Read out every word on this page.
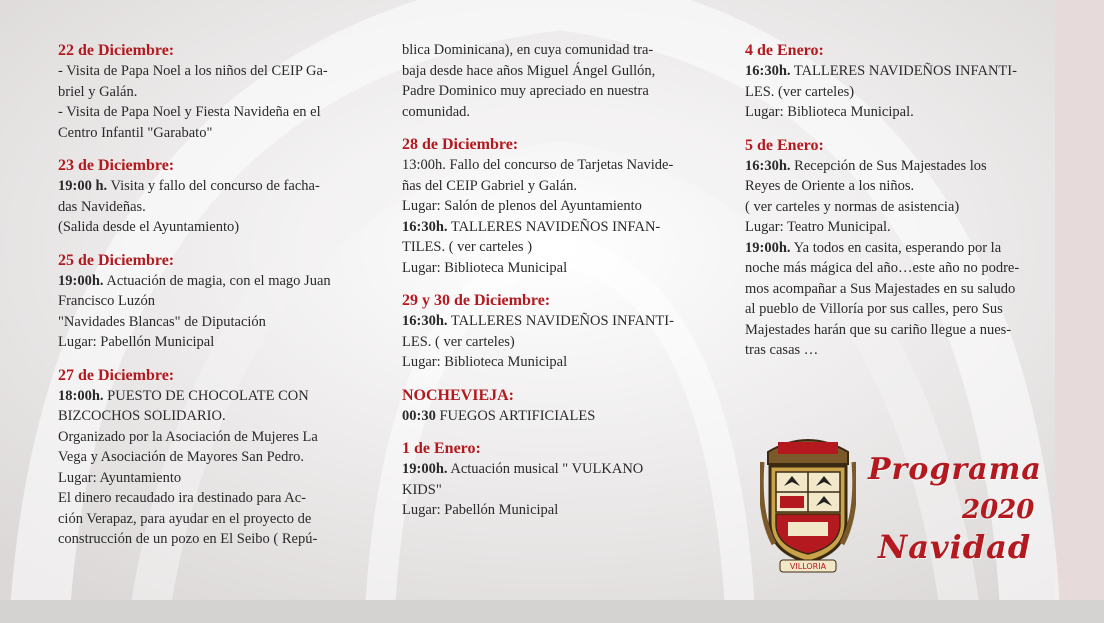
22 de Diciembre:
- Visita de Papa Noel a los niños del CEIP Ga-
briel y Galán.
- Visita de Papa Noel y Fiesta Navideña en el
Centro Infantil "Garabato"
23 de Diciembre:
19:00 h. Visita y fallo del concurso de facha-
das Navideñas.
(Salida desde el Ayuntamiento)
25 de Diciembre:
19:00h. Actuación de magia, con el mago Juan
Francisco Luzón
"Navidades Blancas" de Diputación
Lugar: Pabellón Municipal
27 de Diciembre:
18:00h. PUESTO DE CHOCOLATE CON
BIZCOCHOS SOLIDARIO.
Organizado por la Asociación de Mujeres La
Vega y Asociación de Mayores San Pedro.
Lugar: Ayuntamiento
El dinero recaudado ira destinado para Ac-
ción Verapaz, para ayudar en el proyecto de
construcción de un pozo en El Seibo ( Repú-
blica Dominicana), en cuya comunidad tra-
baja desde hace años Miguel Ángel Gullón,
Padre Dominico muy apreciado en nuestra
comunidad.
28 de Diciembre:
13:00h. Fallo del concurso de Tarjetas Navide-
ñas del CEIP Gabriel y Galán.
Lugar: Salón de plenos del Ayuntamiento
16:30h. TALLERES NAVIDEÑOS INFAN-
TILES. ( ver carteles )
Lugar: Biblioteca Municipal
29 y 30 de Diciembre:
16:30h. TALLERES NAVIDEÑOS INFANTI-
LES. ( ver carteles)
Lugar: Biblioteca Municipal
NOCHEVIEJA:
00:30 FUEGOS ARTIFICIALES
1 de Enero:
19:00h. Actuación musical " VULKANO
KIDS"
Lugar: Pabellón Municipal
4 de Enero:
16:30h. TALLERES NAVIDEÑOS INFANTI-
LES. (ver carteles)
Lugar: Biblioteca Municipal.
5 de Enero:
16:30h. Recepción de Sus Majestades los
Reyes de Oriente a los niños.
( ver carteles y normas de asistencia)
Lugar: Teatro Municipal.
19:00h. Ya todos en casita, esperando por la
noche más mágica del año…este año no podre-
mos acompañar a Sus Majestades en su saludo
al pueblo de Villoría por sus calles, pero Sus
Majestades harán que su cariño llegue a nues-
tras casas …
VILLORIA
Programa
2020
Navidad
